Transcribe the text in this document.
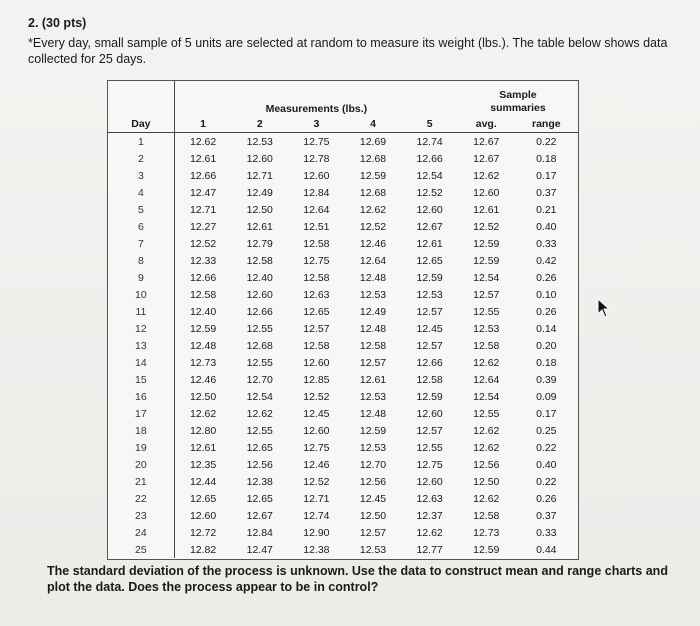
2. (30 pts)
*Every day, small sample of 5 units are selected at random to measure its weight (lbs.). The table below shows data collected for 25 days.
	Measurements (lbs.)					Sample
summaries	

Day	1	2	3	4	5	avg.	range
1	12.62	12.53	12.75	12.69	12.74	12.67	0.22
2	12.61	12.60	12.78	12.68	12.66	12.67	0.18
3	12.66	12.71	12.60	12.59	12.54	12.62	0.17
4	12.47	12.49	12.84	12.68	12.52	12.60	0.37
5	12.71	12.50	12.64	12.62	12.60	12.61	0.21
6	12.27	12.61	12.51	12.52	12.67	12.52	0.40
7	12.52	12.79	12.58	12.46	12.61	12.59	0.33
8	12.33	12.58	12.75	12.64	12.65	12.59	0.42
9	12.66	12.40	12.58	12.48	12.59	12.54	0.26
10	12.58	12.60	12.63	12.53	12.53	12.57	0.10
11	12.40	12.66	12.65	12.49	12.57	12.55	0.26
12	12.59	12.55	12.57	12.48	12.45	12.53	0.14
13	12.48	12.68	12.58	12.58	12.57	12.58	0.20
14	12.73	12.55	12.60	12.57	12.66	12.62	0.18
15	12.46	12.70	12.85	12.61	12.58	12.64	0.39
16	12.50	12.54	12.52	12.53	12.59	12.54	0.09
17	12.62	12.62	12.45	12.48	12.60	12.55	0.17
18	12.80	12.55	12.60	12.59	12.57	12.62	0.25
19	12.61	12.65	12.75	12.53	12.55	12.62	0.22
20	12.35	12.56	12.46	12.70	12.75	12.56	0.40
21	12.44	12.38	12.52	12.56	12.60	12.50	0.22
22	12.65	12.65	12.71	12.45	12.63	12.62	0.26
23	12.60	12.67	12.74	12.50	12.37	12.58	0.37
24	12.72	12.84	12.90	12.57	12.62	12.73	0.33
25	12.82	12.47	12.38	12.53	12.77	12.59	0.44
The standard deviation of the process is unknown. Use the data to construct mean and range charts and plot the data. Does the process appear to be in control?
